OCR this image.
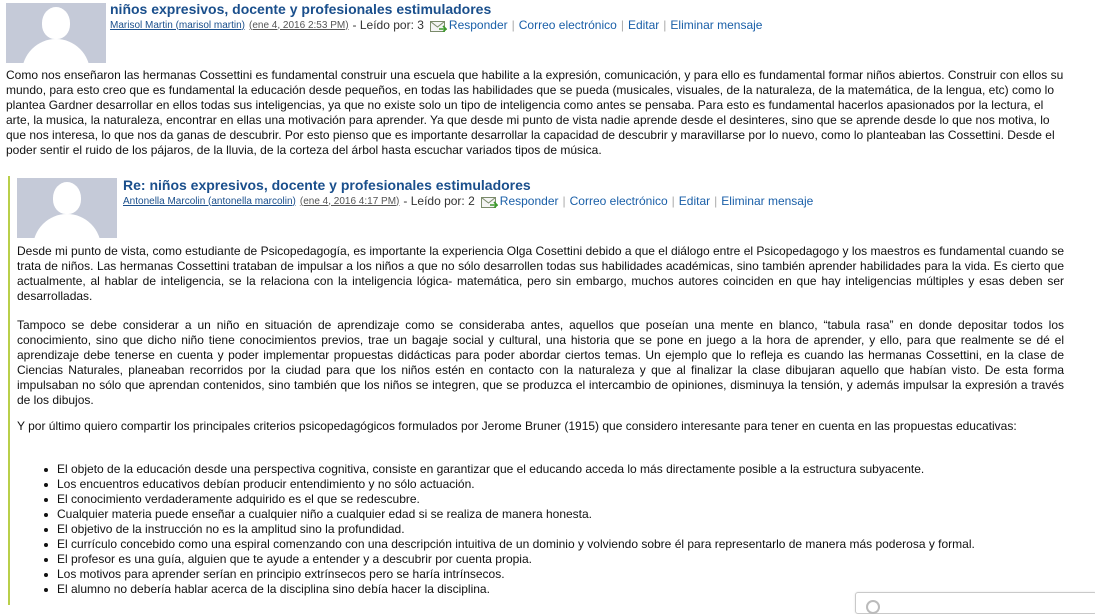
niños expresivos, docente y profesionales estimuladores
Marisol Martin (marisol martin) (ene 4, 2016 2:53 PM) - Leído por: 3 Responder | Correo electrónico | Editar | Eliminar mensaje

Como nos enseñaron las hermanas Cossettini es fundamental construir una escuela que habilite a la expresión, comunicación, y para ello es fundamental formar niños abiertos. Construir con ellos su mundo, para esto creo que es fundamental la educación desde pequeños, en todas las habilidades que se pueda (musicales, visuales, de la naturaleza, de la matemática, de la lengua, etc) como lo plantea Gardner desarrollar en ellos todas sus inteligencias, ya que no existe solo un tipo de inteligencia como antes se pensaba. Para esto es fundamental hacerlos apasionados por la lectura, el arte, la musica, la naturaleza, encontrar en ellas una motivación para aprender. Ya que desde mi punto de vista nadie aprende desde el desinteres, sino que se aprende desde lo que nos motiva, lo que nos interesa, lo que nos da ganas de descubrir. Por esto pienso que es importante desarrollar la capacidad de descubrir y maravillarse por lo nuevo, como lo planteaban las Cossettini. Desde el poder sentir el ruido de los pájaros, de la lluvia, de la corteza del árbol hasta escuchar variados tipos de música.

Re: niños expresivos, docente y profesionales estimuladores
Antonella Marcolin (antonella marcolin) (ene 4, 2016 4:17 PM) - Leído por: 2 Responder | Correo electrónico | Editar | Eliminar mensaje

Desde mi punto de vista, como estudiante de Psicopedagogía, es importante la experiencia Olga Cosettini debido a que el diálogo entre el Psicopedagogo y los maestros es fundamental cuando se trata de niños. Las hermanas Cossettini trataban de impulsar a los niños a que no sólo desarrollen todas sus habilidades académicas, sino también aprender habilidades para la vida. Es cierto que actualmente, al hablar de inteligencia, se la relaciona con la inteligencia lógica- matemática, pero sin embargo, muchos autores coinciden en que hay inteligencias múltiples y esas deben ser desarrolladas.

Tampoco se debe considerar a un niño en situación de aprendizaje como se consideraba antes, aquellos que poseían una mente en blanco, “tabula rasa” en donde depositar todos los conocimiento, sino que dicho niño tiene conocimientos previos, trae un bagaje social y cultural, una historia que se pone en juego a la hora de aprender, y ello, para que realmente se dé el aprendizaje debe tenerse en cuenta y poder implementar propuestas didácticas para poder abordar ciertos temas. Un ejemplo que lo refleja es cuando las hermanas Cossettini, en la clase de Ciencias Naturales, planeaban recorridos por la ciudad para que los niños estén en contacto con la naturaleza y que al finalizar la clase dibujaran aquello que habían visto. De esta forma impulsaban no sólo que aprendan contenidos, sino también que los niños se integren, que se produzca el intercambio de opiniones, disminuya la tensión, y además impulsar la expresión a través de los dibujos.

Y por último quiero compartir los principales criterios psicopedagógicos formulados por Jerome Bruner (1915) que considero interesante para tener en cuenta en las propuestas educativas:

El objeto de la educación desde una perspectiva cognitiva, consiste en garantizar que el educando acceda lo más directamente posible a la estructura subyacente.
Los encuentros educativos debían producir entendimiento y no sólo actuación.
El conocimiento verdaderamente adquirido es el que se redescubre.
Cualquier materia puede enseñar a cualquier niño a cualquier edad si se realiza de manera honesta.
El objetivo de la instrucción no es la amplitud sino la profundidad.
El currículo concebido como una espiral comenzando con una descripción intuitiva de un dominio y volviendo sobre él para representarlo de manera más poderosa y formal.
El profesor es una guía, alguien que te ayude a entender y a descubrir por cuenta propia.
Los motivos para aprender serían en principio extrínsecos pero se haría intrínsecos.
El alumno no debería hablar acerca de la disciplina sino debía hacer la disciplina.
